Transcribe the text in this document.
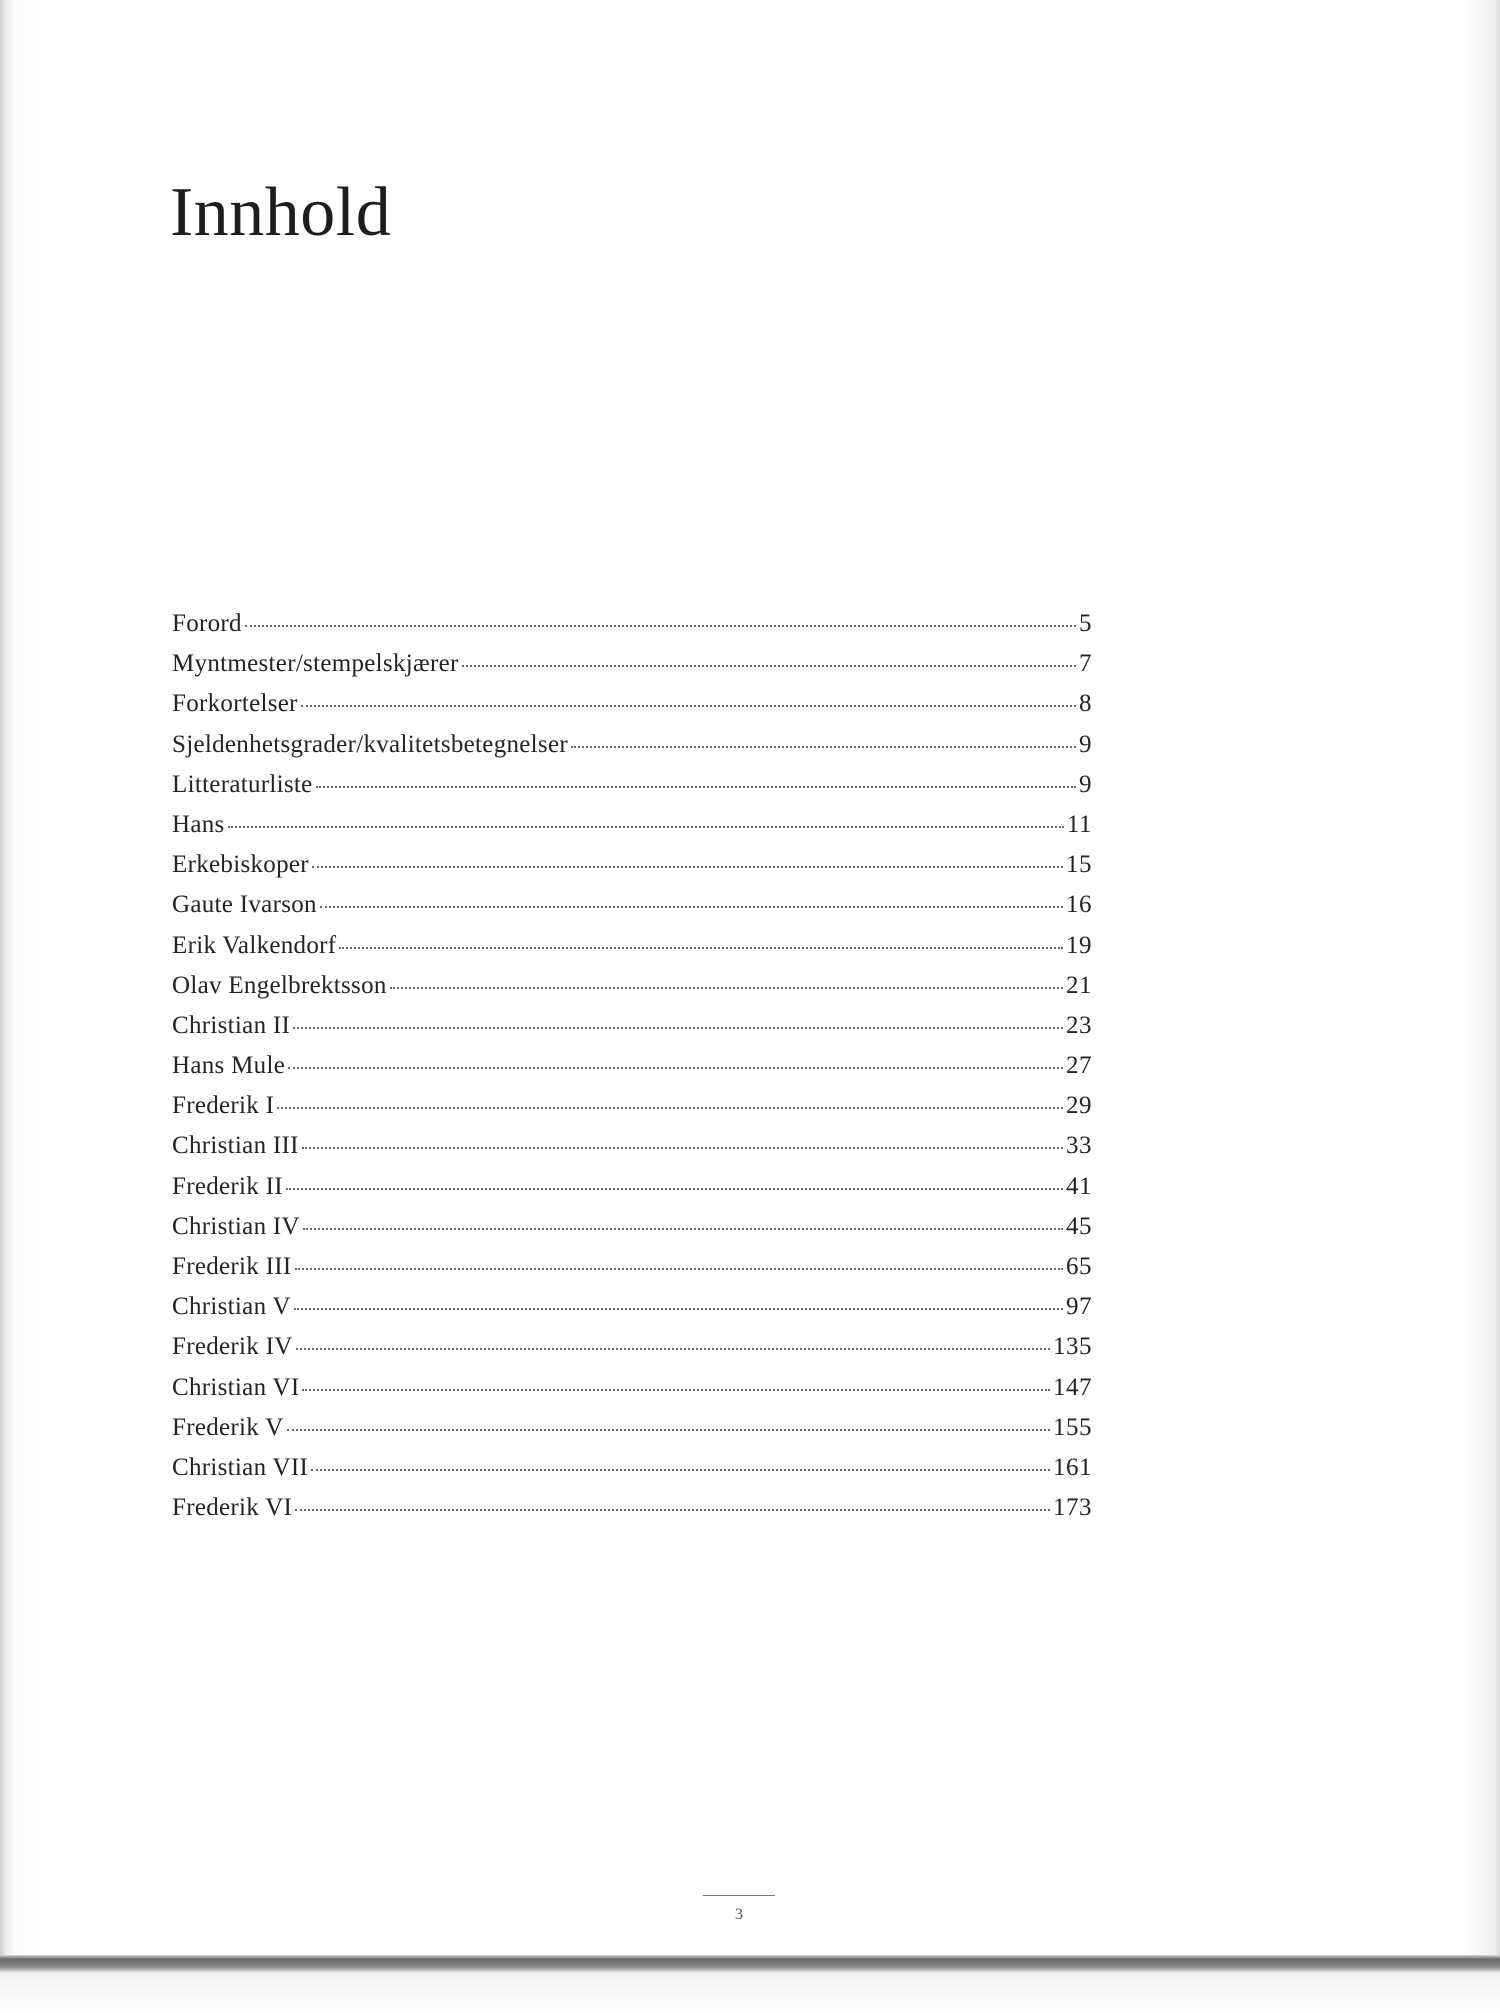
Innhold
Forord	5
Myntmester/stempelskjærer	7
Forkortelser	8
Sjeldenhetsgrader/kvalitetsbetegnelser	9
Litteraturliste	9
Hans	11
Erkebiskoper	15
Gaute Ivarson	16
Erik Valkendorf	19
Olav Engelbrektsson	21
Christian II	23
Hans Mule	27
Frederik I	29
Christian III	33
Frederik II	41
Christian IV	45
Frederik III	65
Christian V	97
Frederik IV	135
Christian VI	147
Frederik V	155
Christian VII	161
Frederik VI	173
3
